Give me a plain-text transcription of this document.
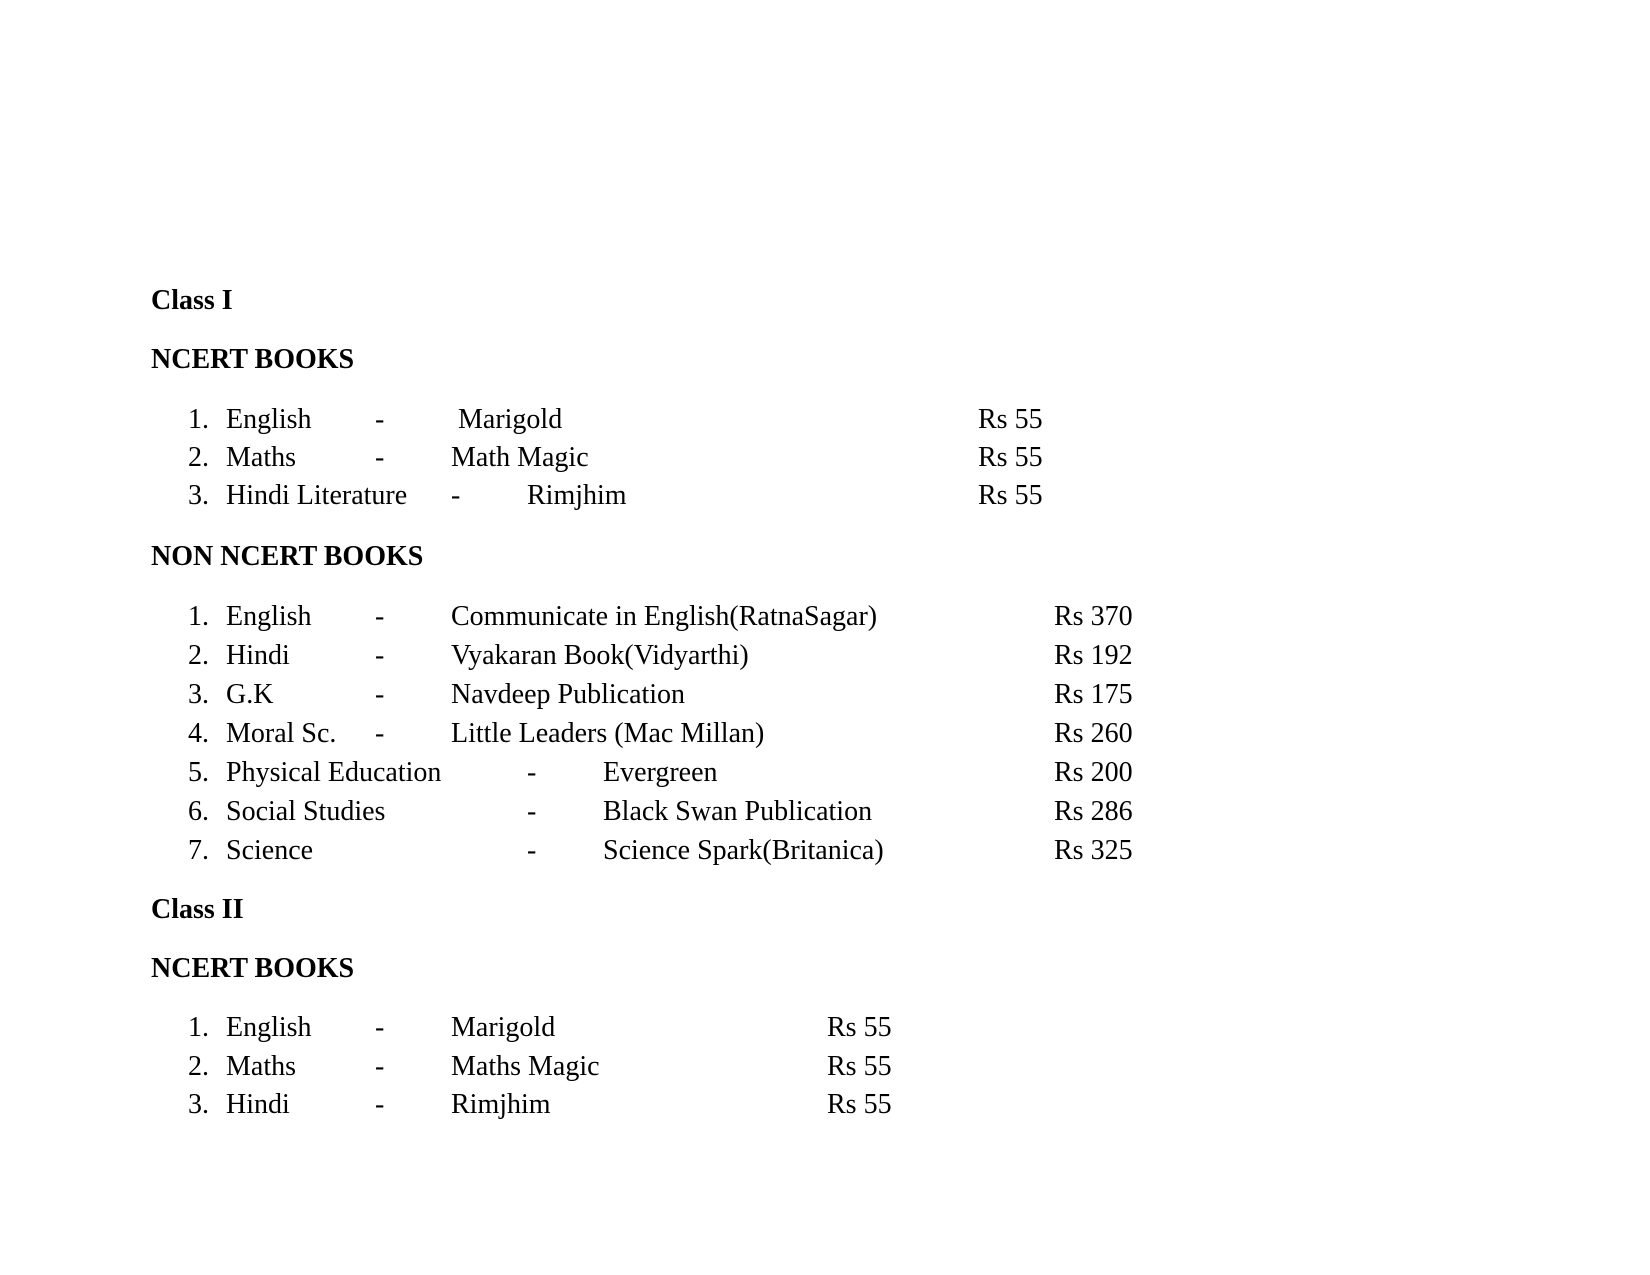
Class I
NCERT BOOKS
1. English -	Marigold	Rs 55
2. Maths	- Math Magic	Rs 55
3. Hindi Literature - Rimjhim	Rs 55
NON NCERT BOOKS
1. English - Communicate in English(RatnaSagar)	Rs 370
2. Hindi	- Vyakaran Book(Vidyarthi)	Rs 192
3. G.K	- Navdeep Publication	Rs 175
4. Moral Sc. - Little Leaders (Mac Millan)	Rs 260
5. Physical Education	- Evergreen	Rs 200
6. Social Studies	- Black Swan Publication	Rs 286
7. Science	- Science Spark(Britanica)	Rs 325
Class II
NCERT BOOKS
1. English - Marigold	Rs 55
2. Maths	- Maths Magic	Rs 55
3. Hindi	- Rimjhim	Rs 55
